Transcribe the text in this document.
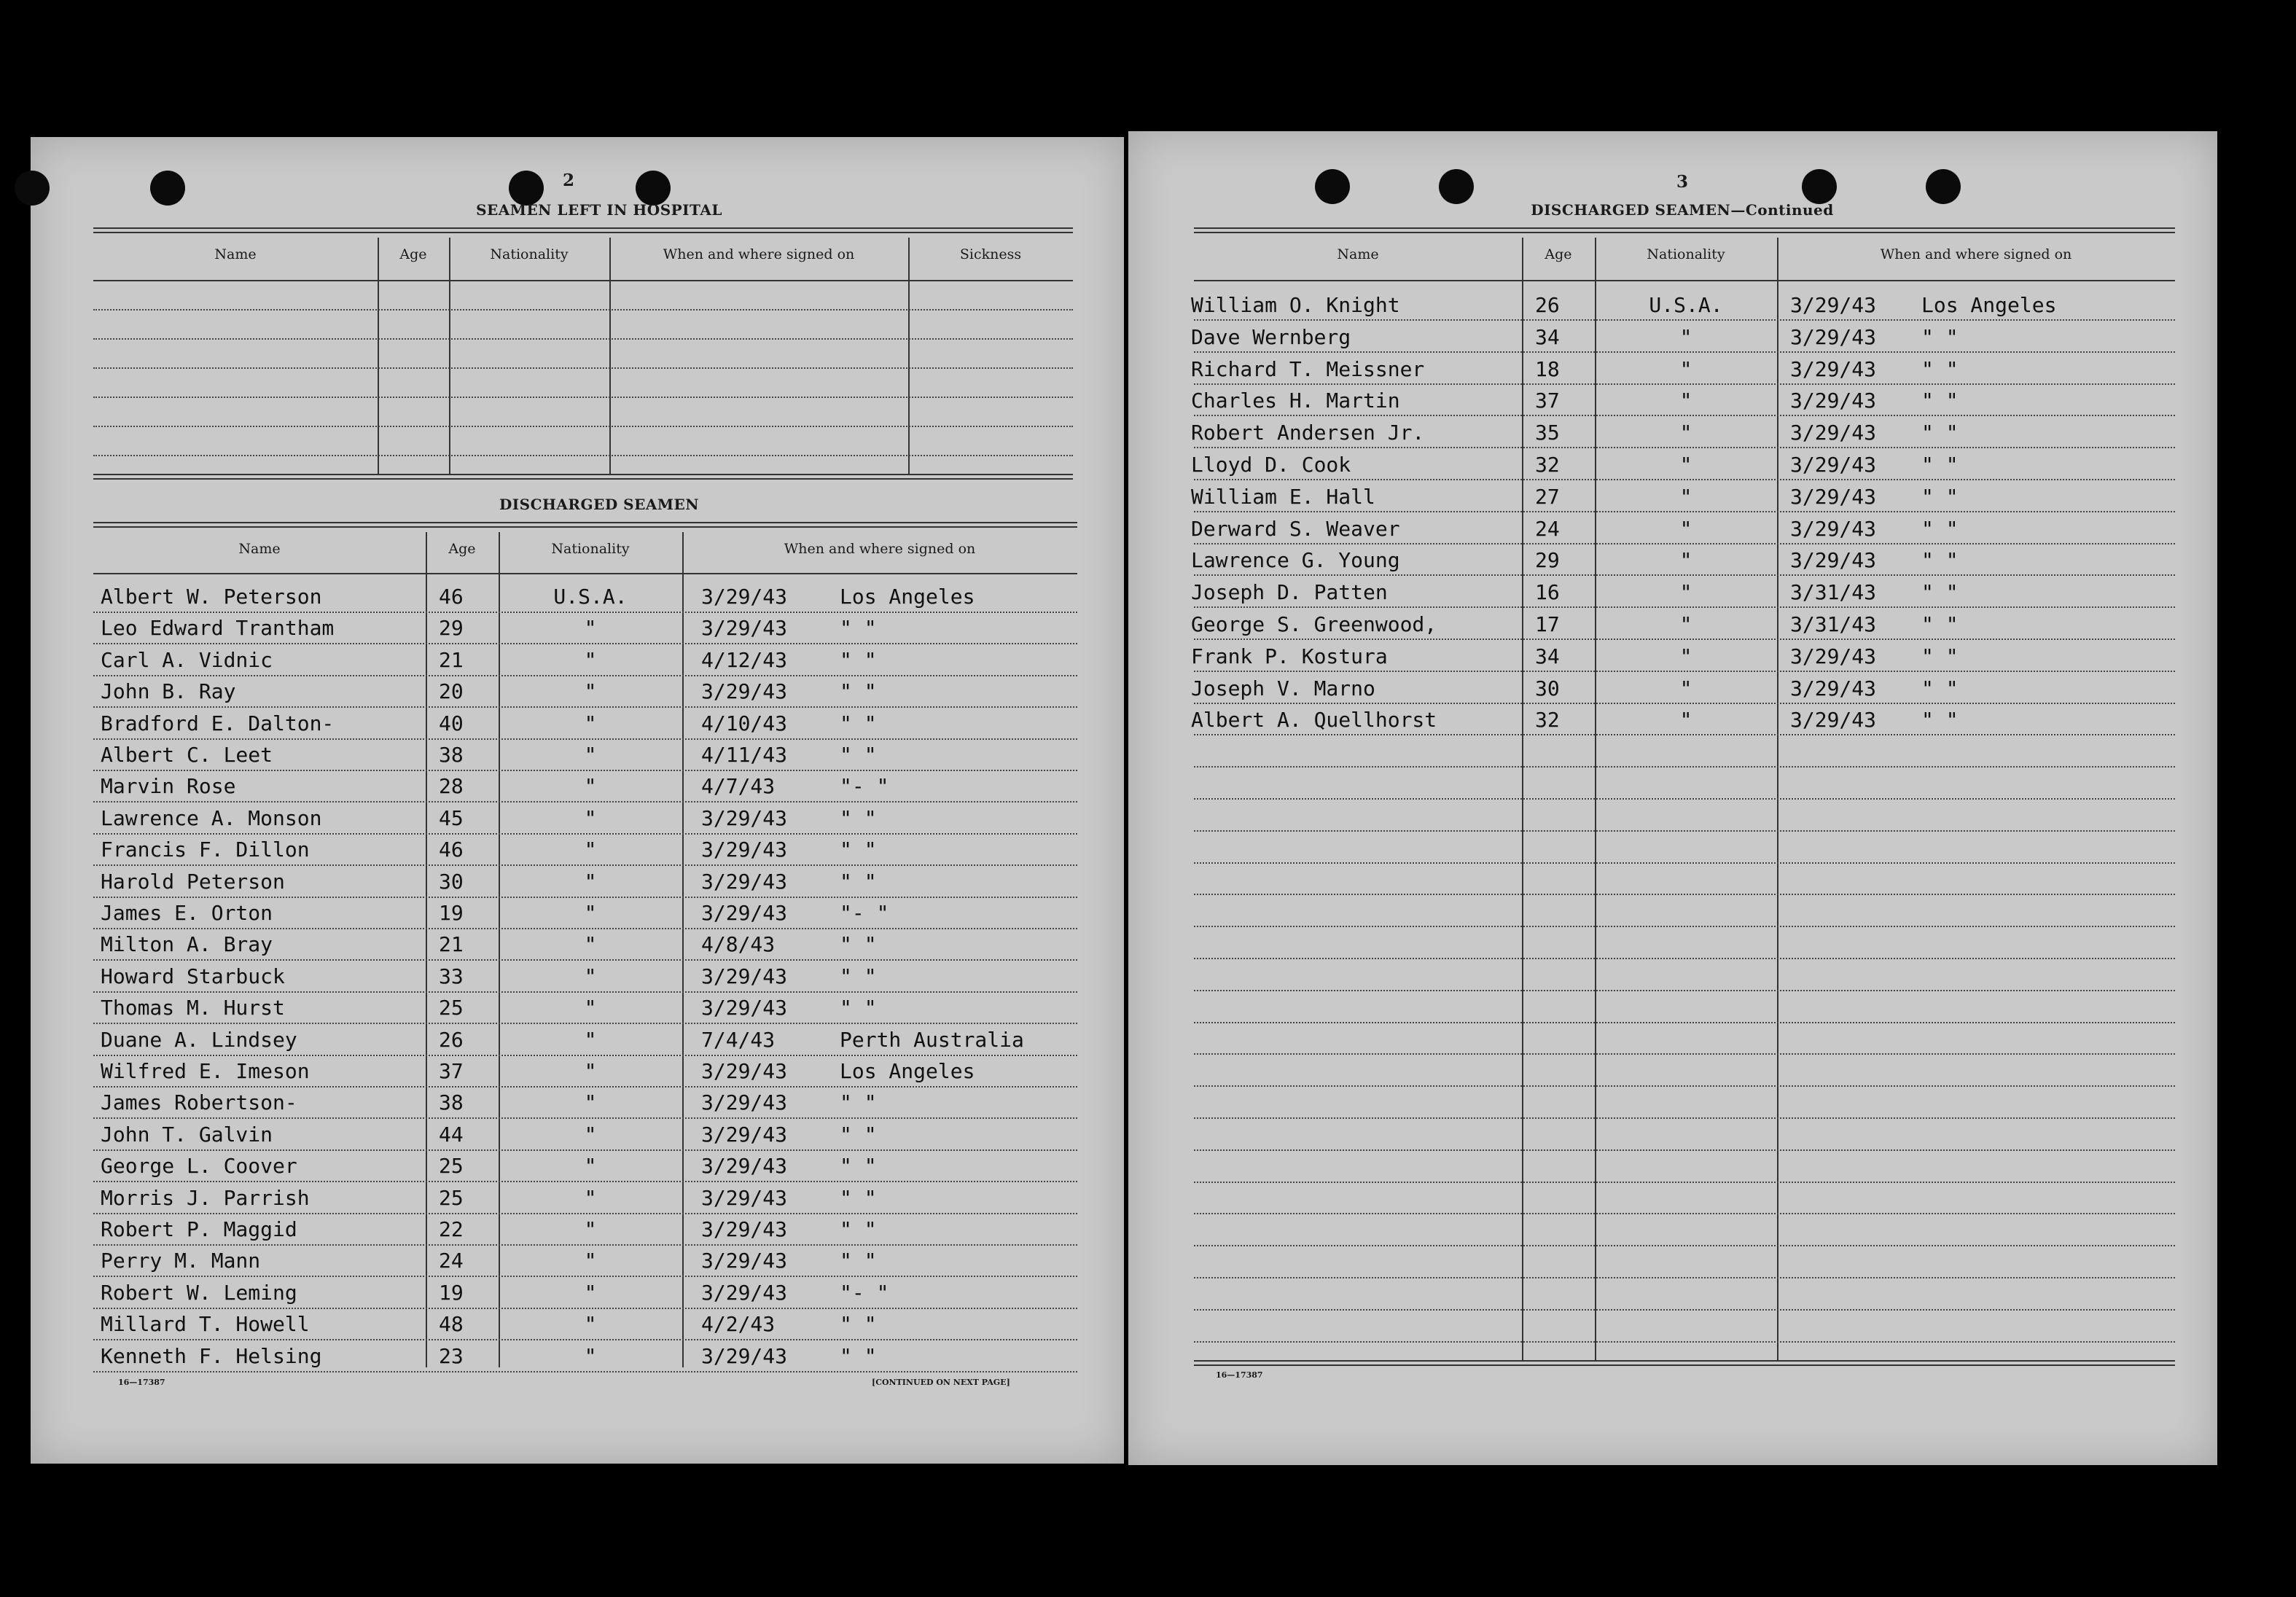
2
SEAMEN LEFT IN HOSPITAL
Name	Age	Nationality	When and where signed on	Sickness
DISCHARGED SEAMEN
Name	Age	Nationality	When and where signed on
Albert W. Peterson	46	U.S.A.	3/29/43	Los Angeles
Leo Edward Trantham	29	"	3/29/43	" "
Carl A. Vidnic	21	"	4/12/43	" "
John B. Ray	20	"	3/29/43	" "
Bradford E. Dalton-	40	"	4/10/43	" "
Albert C. Leet	38	"	4/11/43	" "
Marvin Rose	28	"	4/7/43	"- "
Lawrence A. Monson	45	"	3/29/43	" "
Francis F. Dillon	46	"	3/29/43	" "
Harold Peterson	30	"	3/29/43	" "
James E. Orton	19	"	3/29/43	"- "
Milton A. Bray	21	"	4/8/43	" "
Howard Starbuck	33	"	3/29/43	" "
Thomas M. Hurst	25	"	3/29/43	" "
Duane A. Lindsey	26	"	7/4/43	Perth Australia
Wilfred E. Imeson	37	"	3/29/43	Los Angeles
James Robertson-	38	"	3/29/43	" "
John T. Galvin	44	"	3/29/43	" "
George L. Coover	25	"	3/29/43	" "
Morris J. Parrish	25	"	3/29/43	" "
Robert P. Maggid	22	"	3/29/43	" "
Perry M. Mann	24	"	3/29/43	" "
Robert W. Leming	19	"	3/29/43	"- "
Millard T. Howell	48	"	4/2/43	" "
Kenneth F. Helsing	23	"	3/29/43	" "
16—17387	[CONTINUED ON NEXT PAGE]
3
DISCHARGED SEAMEN—Continued
Name	Age	Nationality	When and where signed on
William O. Knight	26	U.S.A.	3/29/43 Los Angeles
Dave Wernberg	34	"	3/29/43 " "
Richard T. Meissner	18	"	3/29/43 " "
Charles H. Martin	37	"	3/29/43 " "
Robert Andersen Jr.	35	"	3/29/43 " "
Lloyd D. Cook	32	"	3/29/43 " "
William E. Hall	27	"	3/29/43 " "
Derward S. Weaver	24	"	3/29/43 " "
Lawrence G. Young	29	"	3/29/43 " "
Joseph D. Patten	16	"	3/31/43 " "
George S. Greenwood,	17	"	3/31/43 " "
Frank P. Kostura	34	"	3/29/43 " "
Joseph V. Marno	30	"	3/29/43 " "
Albert A. Quellhorst	32	"	3/29/43 " "
16—17387
